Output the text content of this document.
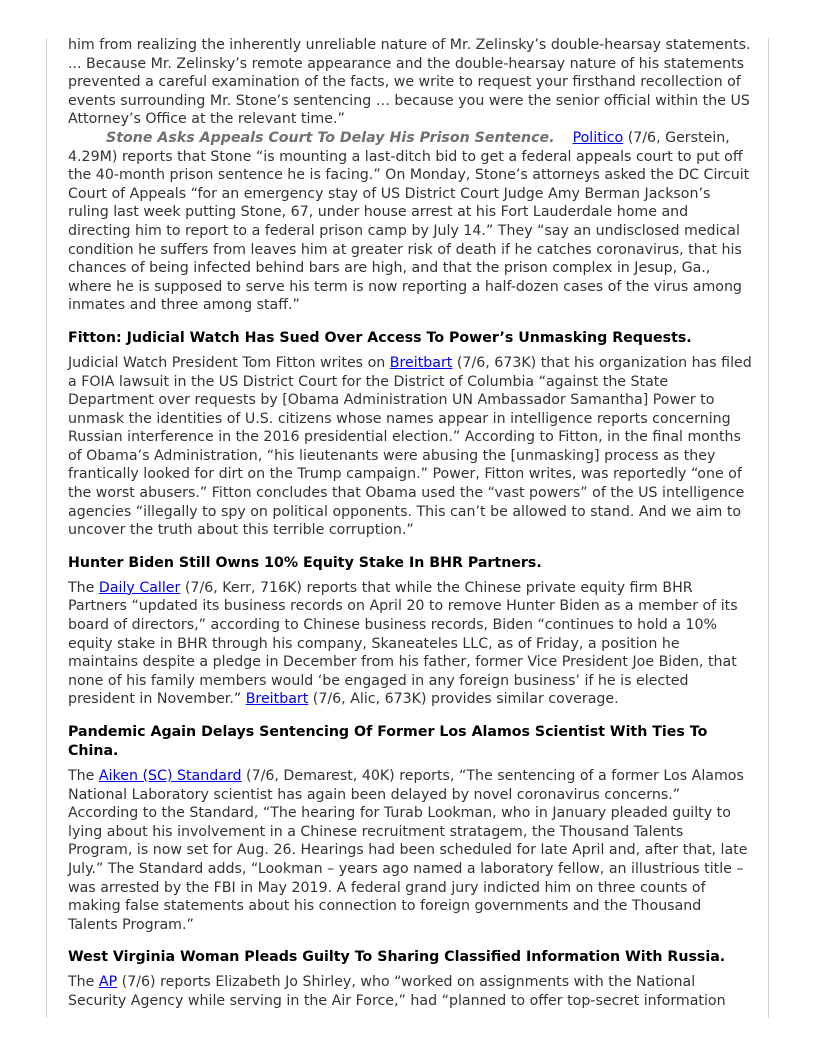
him from realizing the inherently unreliable nature of Mr. Zelinsky’s double-hearsay statements. ... Because Mr. Zelinsky’s remote appearance and the double-hearsay nature of his statements prevented a careful examination of the facts, we write to request your firsthand recollection of events surrounding Mr. Stone’s sentencing … because you were the senior official within the US Attorney’s Office at the relevant time.”

Stone Asks Appeals Court To Delay His Prison Sentence. Politico (7/6, Gerstein, 4.29M) reports that Stone “is mounting a last-ditch bid to get a federal appeals court to put off the 40-month prison sentence he is facing.” On Monday, Stone’s attorneys asked the DC Circuit Court of Appeals “for an emergency stay of US District Court Judge Amy Berman Jackson’s ruling last week putting Stone, 67, under house arrest at his Fort Lauderdale home and directing him to report to a federal prison camp by July 14.” They “say an undisclosed medical condition he suffers from leaves him at greater risk of death if he catches coronavirus, that his chances of being infected behind bars are high, and that the prison complex in Jesup, Ga., where he is supposed to serve his term is now reporting a half-dozen cases of the virus among inmates and three among staff.”

Fitton: Judicial Watch Has Sued Over Access To Power’s Unmasking Requests.

Judicial Watch President Tom Fitton writes on Breitbart (7/6, 673K) that his organization has filed a FOIA lawsuit in the US District Court for the District of Columbia “against the State Department over requests by [Obama Administration UN Ambassador Samantha] Power to unmask the identities of U.S. citizens whose names appear in intelligence reports concerning Russian interference in the 2016 presidential election.” According to Fitton, in the final months of Obama’s Administration, “his lieutenants were abusing the [unmasking] process as they frantically looked for dirt on the Trump campaign.” Power, Fitton writes, was reportedly “one of the worst abusers.” Fitton concludes that Obama used the “vast powers” of the US intelligence agencies “illegally to spy on political opponents. This can’t be allowed to stand. And we aim to uncover the truth about this terrible corruption.”

Hunter Biden Still Owns 10% Equity Stake In BHR Partners.

The Daily Caller (7/6, Kerr, 716K) reports that while the Chinese private equity firm BHR Partners “updated its business records on April 20 to remove Hunter Biden as a member of its board of directors,” according to Chinese business records, Biden “continues to hold a 10% equity stake in BHR through his company, Skaneateles LLC, as of Friday, a position he maintains despite a pledge in December from his father, former Vice President Joe Biden, that none of his family members would ‘be engaged in any foreign business’ if he is elected president in November.” Breitbart (7/6, Alic, 673K) provides similar coverage.

Pandemic Again Delays Sentencing Of Former Los Alamos Scientist With Ties To China.

The Aiken (SC) Standard (7/6, Demarest, 40K) reports, “The sentencing of a former Los Alamos National Laboratory scientist has again been delayed by novel coronavirus concerns.” According to the Standard, “The hearing for Turab Lookman, who in January pleaded guilty to lying about his involvement in a Chinese recruitment stratagem, the Thousand Talents Program, is now set for Aug. 26. Hearings had been scheduled for late April and, after that, late July.” The Standard adds, “Lookman – years ago named a laboratory fellow, an illustrious title – was arrested by the FBI in May 2019. A federal grand jury indicted him on three counts of making false statements about his connection to foreign governments and the Thousand Talents Program.”

West Virginia Woman Pleads Guilty To Sharing Classified Information With Russia.

The AP (7/6) reports Elizabeth Jo Shirley, who “worked on assignments with the National Security Agency while serving in the Air Force,” had “planned to offer top-secret information
